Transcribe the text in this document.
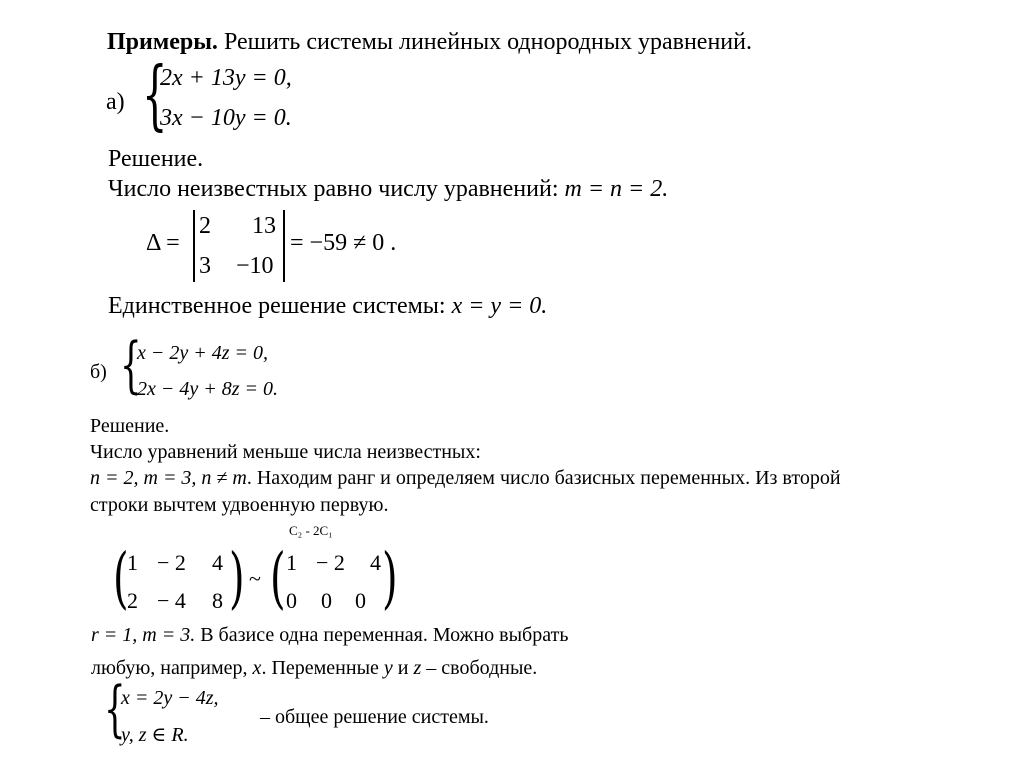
Примеры. Решить системы линейных однородных уравнений.
а) {
2x + 13y = 0,
3x − 10y = 0.
Решение.
Число неизвестных равно числу уравнений: m = n = 2.
Δ =
2 13
3 −10
= −59 ≠ 0 .
Единственное решение системы: x = y = 0.
б) {
x − 2y + 4z = 0,
2x − 4y + 8z = 0.
Решение.
Число уравнений меньше числа неизвестных:
n = 2, m = 3, n ≠ m. Находим ранг и определяем число базисных переменных. Из второй
строки вычтем удвоенную первую.
C₂ - 2C₁
(
1 − 2 4
2 − 4 8 ) ~ ( 1 − 2 4
0 0 0 )
r = 1, m = 3. В базисе одна переменная. Можно выбрать
любую, например, x. Переменные y и z – свободные.
{
x = 2y − 4z,
y, z ∈ R.
– общее решение системы.
